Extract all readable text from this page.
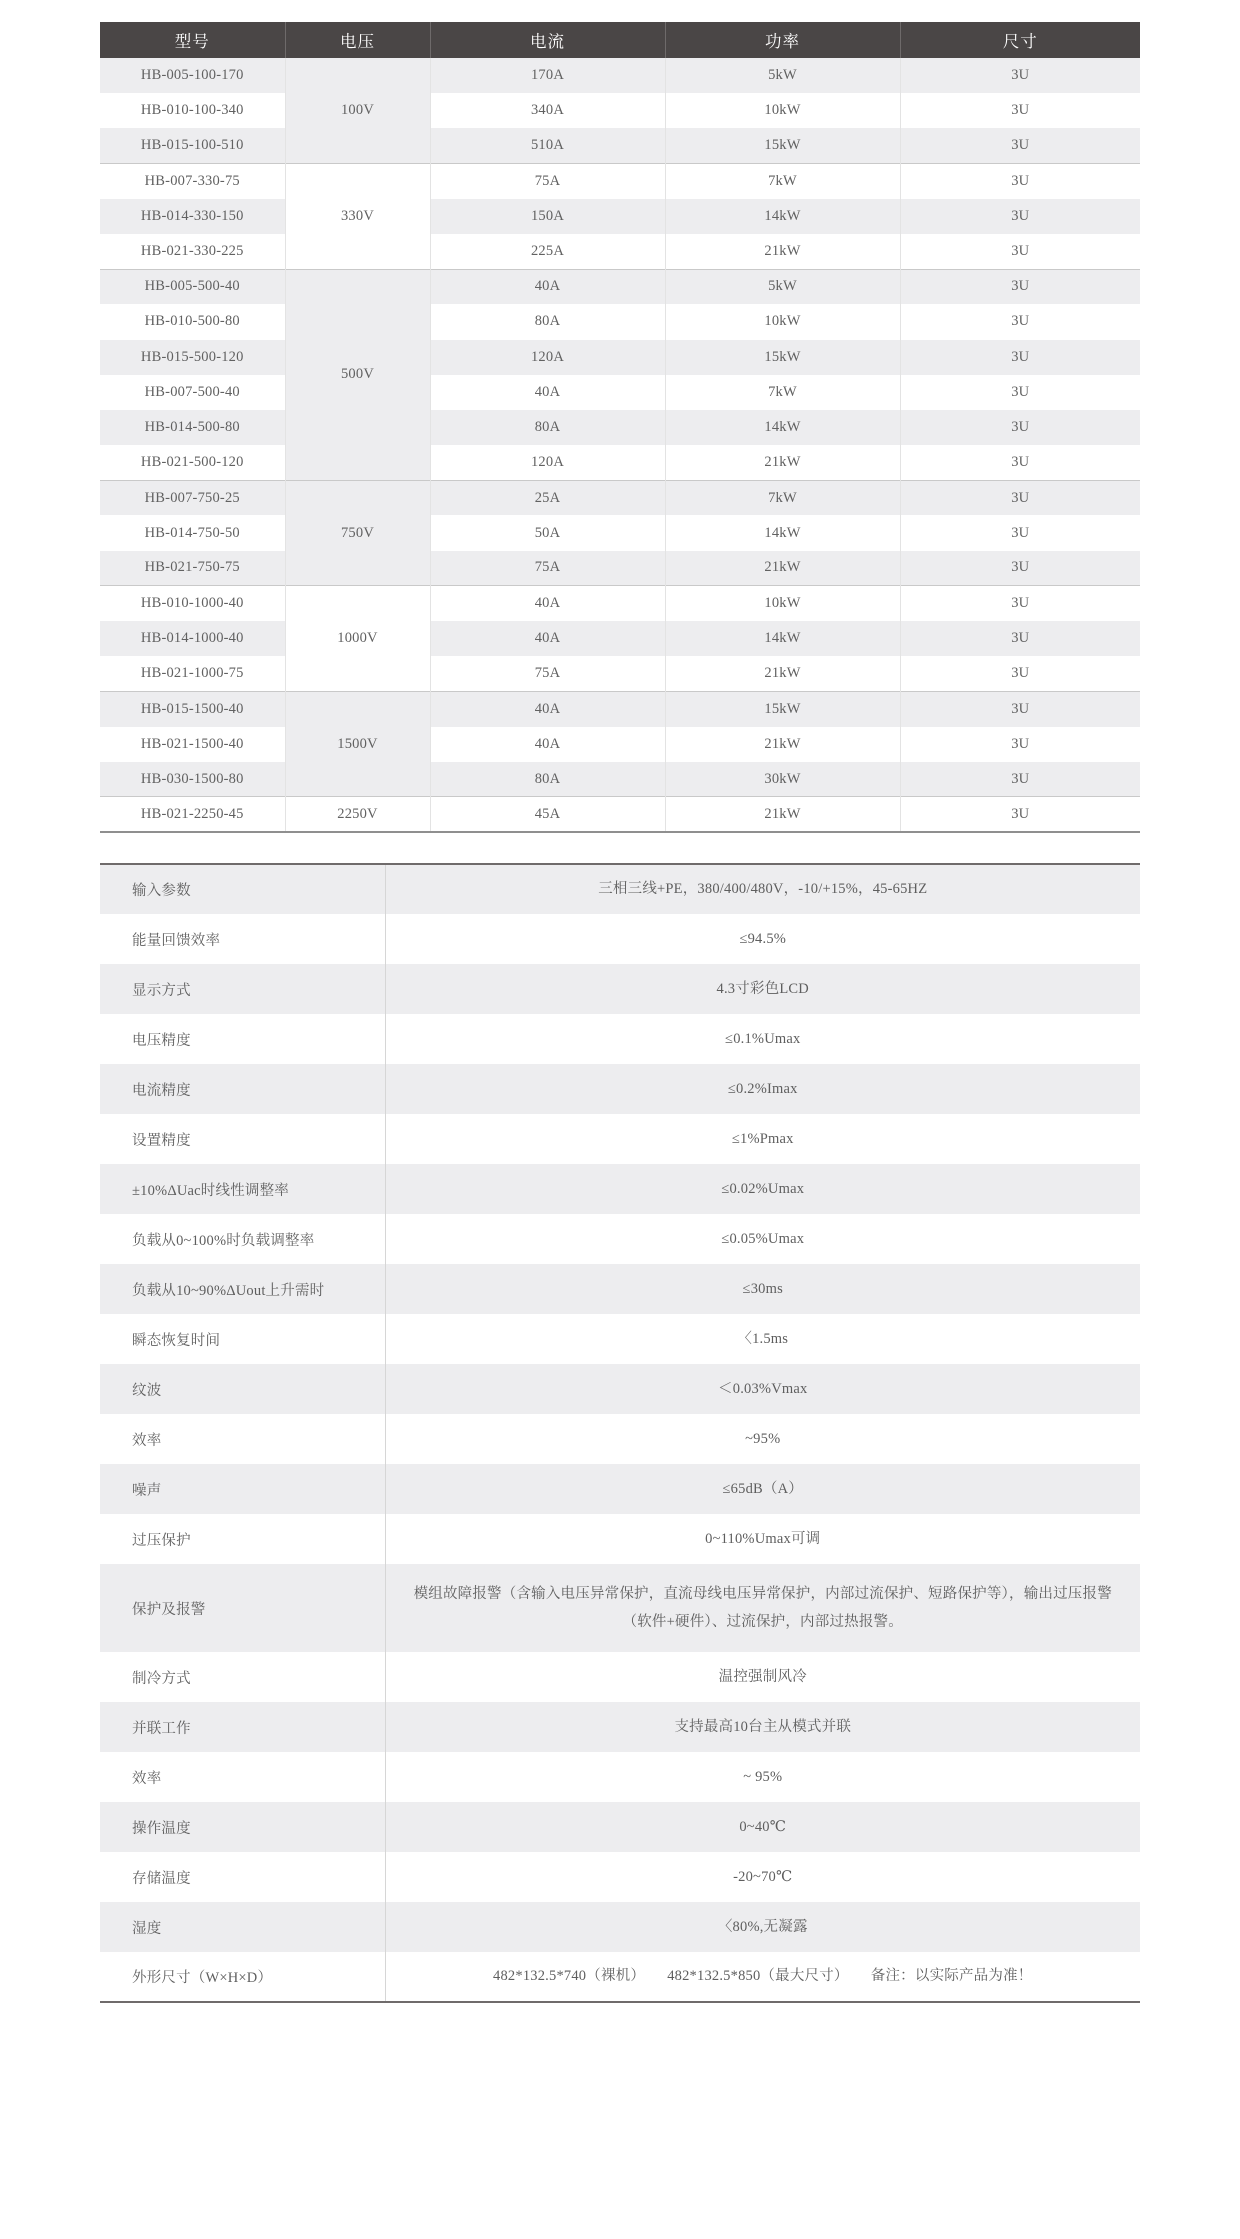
型号	电压	电流	功率	尺寸
HB-005-100-170	100V	170A	5kW	3U
HB-010-100-340		340A	10kW	3U
HB-015-100-510		510A	15kW	3U
HB-007-330-75	330V	75A	7kW	3U
HB-014-330-150		150A	14kW	3U
HB-021-330-225		225A	21kW	3U
HB-005-500-40	500V	40A	5kW	3U
HB-010-500-80		80A	10kW	3U
HB-015-500-120		120A	15kW	3U
HB-007-500-40		40A	7kW	3U
HB-014-500-80		80A	14kW	3U
HB-021-500-120		120A	21kW	3U
HB-007-750-25	750V	25A	7kW	3U
HB-014-750-50		50A	14kW	3U
HB-021-750-75		75A	21kW	3U
HB-010-1000-40	1000V	40A	10kW	3U
HB-014-1000-40		40A	14kW	3U
HB-021-1000-75		75A	21kW	3U
HB-015-1500-40	1500V	40A	15kW	3U
HB-021-1500-40		40A	21kW	3U
HB-030-1500-80		80A	30kW	3U
HB-021-2250-45	2250V	45A	21kW	3U
输入参数	三相三线+PE，380/400/480V，-10/+15%，45-65HZ
能量回馈效率	≤94.5%
显示方式	4.3寸彩色LCD
电压精度	≤0.1%Umax
电流精度	≤0.2%Imax
设置精度	≤1%Pmax
±10%ΔUac时线性调整率	≤0.02%Umax
负载从0~100%时负载调整率	≤0.05%Umax
负载从10~90%ΔUout上升需时	≤30ms
瞬态恢复时间	〈1.5ms
纹波	＜0.03%Vmax
效率	~95%
噪声	≤65dB（A）
过压保护	0~110%Umax可调
保护及报警	模组故障报警（含输入电压异常保护，直流母线电压异常保护，内部过流保护、短路保护等），输出过压报警（软件+硬件）、过流保护，内部过热报警。
制冷方式	温控强制风冷
并联工作	支持最高10台主从模式并联
效率	~ 95%
操作温度	0~40℃
存储温度	-20~70℃
湿度	〈80%,无凝露
外形尺寸（W×H×D）	482*132.5*740（裸机）　　482*132.5*850（最大尺寸）　　备注：以实际产品为准！
